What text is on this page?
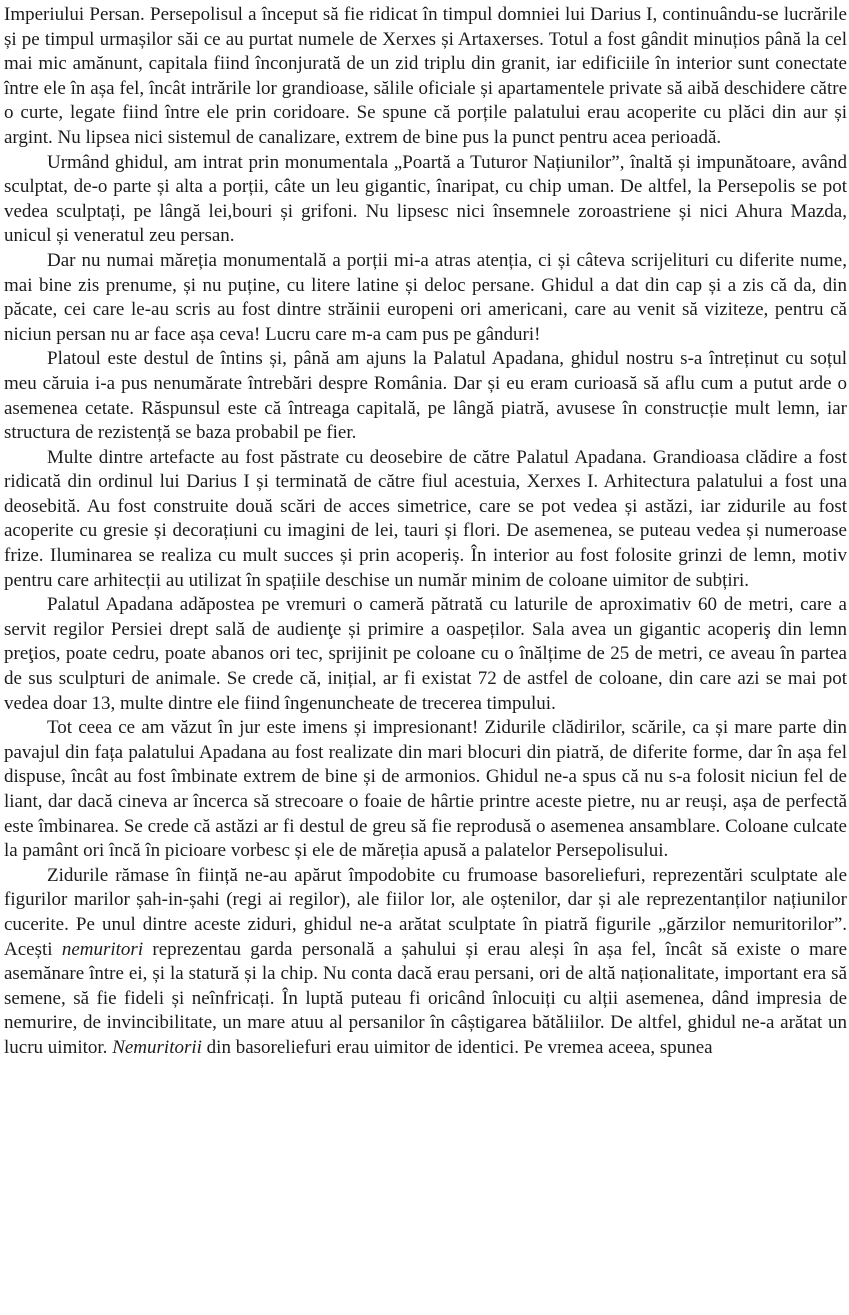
Imperiului Persan. Persepolisul a început să fie ridicat în timpul domniei lui Darius I, continuându-se lucrările și pe timpul urmașilor săi ce au purtat numele de Xerxes și Artaxerses. Totul a fost gândit minuțios până la cel mai mic amănunt, capitala fiind înconjurată de un zid triplu din granit, iar edificiile în interior sunt conectate între ele în așa fel, încât intrările lor grandioase, sălile oficiale și apartamentele private să aibă deschidere către o curte, legate fiind între ele prin coridoare. Se spune că porțile palatului erau acoperite cu plăci din aur și argint. Nu lipsea nici sistemul de canalizare, extrem de bine pus la punct pentru acea perioadă.

Urmând ghidul, am intrat prin monumentala „Poartă a Tuturor Națiunilor”, înaltă și impunătoare, având sculptat, de-o parte și alta a porții, câte un leu gigantic, înaripat, cu chip uman. De altfel, la Persepolis se pot vedea sculptați, pe lângă lei,bouri și grifoni. Nu lipsesc nici însemnele zoroastriene și nici Ahura Mazda, unicul și veneratul zeu persan.

Dar nu numai măreția monumentală a porții mi-a atras atenția, ci și câteva scrijelituri cu diferite nume, mai bine zis prenume, și nu puține, cu litere latine și deloc persane. Ghidul a dat din cap și a zis că da, din păcate, cei care le-au scris au fost dintre străinii europeni ori americani, care au venit să viziteze, pentru că niciun persan nu ar face așa ceva! Lucru care m-a cam pus pe gânduri!

Platoul este destul de întins și, până am ajuns la Palatul Apadana, ghidul nostru s-a întreținut cu soțul meu căruia i-a pus nenumărate întrebări despre România. Dar și eu eram curioasă să aflu cum a putut arde o asemenea cetate. Răspunsul este că întreaga capitală, pe lângă piatră, avusese în construcție mult lemn, iar structura de rezistență se baza probabil pe fier.

Multe dintre artefacte au fost păstrate cu deosebire de către Palatul Apadana. Grandioasa clădire a fost ridicată din ordinul lui Darius I și terminată de către fiul acestuia, Xerxes I. Arhitectura palatului a fost una deosebită. Au fost construite două scări de acces simetrice, care se pot vedea și astăzi, iar zidurile au fost acoperite cu gresie și decorațiuni cu imagini de lei, tauri și flori. De asemenea, se puteau vedea și numeroase frize. Iluminarea se realiza cu mult succes și prin acoperiș. În interior au fost folosite grinzi de lemn, motiv pentru care arhitecții au utilizat în spațiile deschise un număr minim de coloane uimitor de subțiri.

Palatul Apadana adăpostea pe vremuri o cameră pătrată cu laturile de aproximativ 60 de metri, care a servit regilor Persiei drept sală de audienţe și primire a oaspeților. Sala avea un gigantic acoperiş din lemn preţios, poate cedru, poate abanos ori tec, sprijinit pe coloane cu o înălțime de 25 de metri, ce aveau în partea de sus sculpturi de animale. Se crede că, inițial, ar fi existat 72 de astfel de coloane, din care azi se mai pot vedea doar 13, multe dintre ele fiind îngenuncheate de trecerea timpului.

Tot ceea ce am văzut în jur este imens și impresionant! Zidurile clădirilor, scările, ca și mare parte din pavajul din fața palatului Apadana au fost realizate din mari blocuri din piatră, de diferite forme, dar în așa fel dispuse, încât au fost îmbinate extrem de bine și de armonios. Ghidul ne-a spus că nu s-a folosit niciun fel de liant, dar dacă cineva ar încerca să strecoare o foaie de hârtie printre aceste pietre, nu ar reuși, așa de perfectă este îmbinarea. Se crede că astăzi ar fi destul de greu să fie reprodusă o asemenea ansamblare. Coloane culcate la pamânt ori încă în picioare vorbesc și ele de măreția apusă a palatelor Persepolisului.

Zidurile rămase în ființă ne-au apărut împodobite cu frumoase basoreliefuri, reprezentări sculptate ale figurilor marilor șah-in-șahi (regi ai regilor), ale fiilor lor, ale oștenilor, dar și ale reprezentanților națiunilor cucerite. Pe unul dintre aceste ziduri, ghidul ne-a arătat sculptate în piatră figurile „gărzilor nemuritorilor”. Acești nemuritori reprezentau garda personală a șahului și erau aleși în așa fel, încât să existe o mare asemănare între ei, și la statură și la chip. Nu conta dacă erau persani, ori de altă naționalitate, important era să semene, să fie fideli și neînfricați. În luptă puteau fi oricând înlocuiți cu alții asemenea, dând impresia de nemurire, de invincibilitate, un mare atuu al persanilor în câștigarea bătăliilor. De altfel, ghidul ne-a arătat un lucru uimitor. Nemuritorii din basoreliefuri erau uimitor de identici. Pe vremea aceea, spunea
